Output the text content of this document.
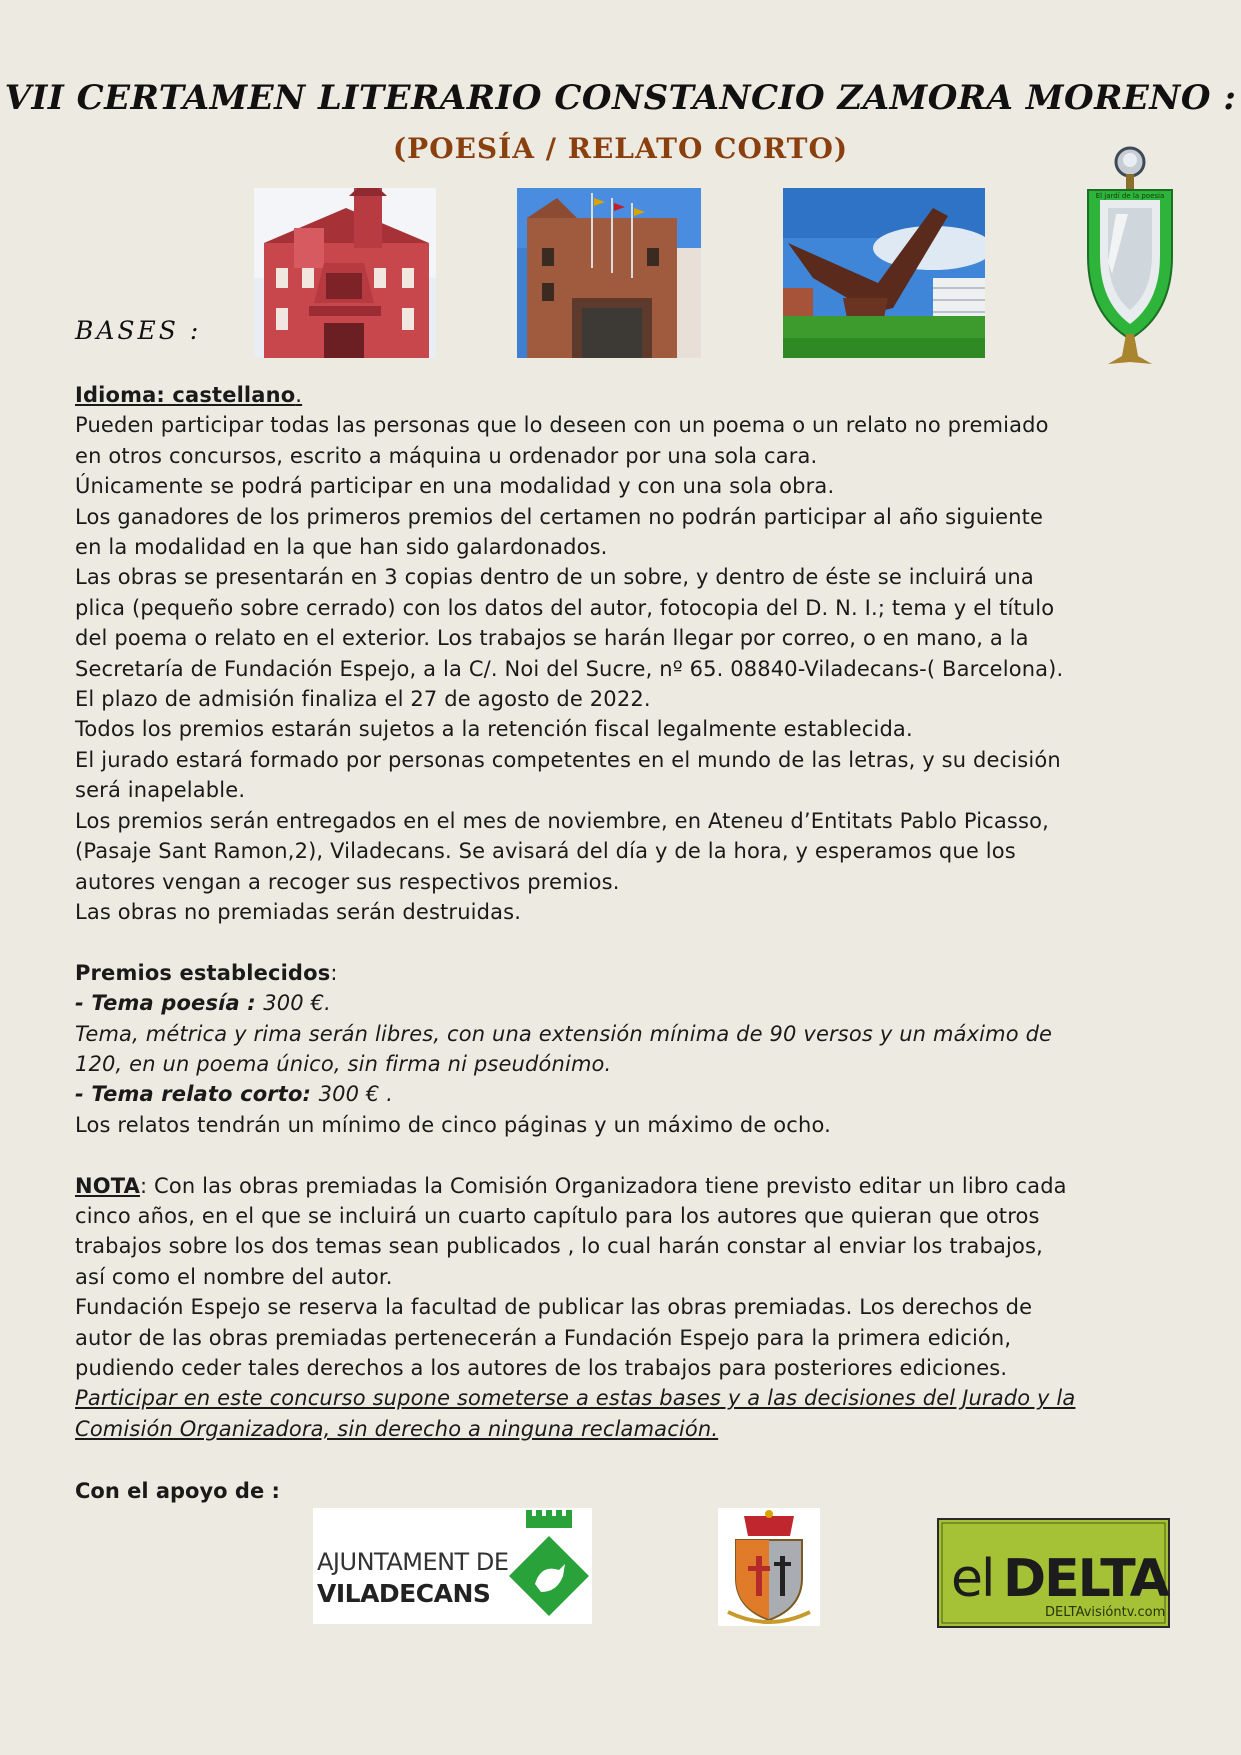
VII CERTAMEN LITERARIO CONSTANCIO ZAMORA MORENO :
(POESÍA / RELATO CORTO)
BASES :
El jardí de la poesia

Idioma: castellano.

Pueden participar todas las personas que lo deseen con un poema o un relato no premiado

en otros concursos, escrito a máquina u ordenador por una sola cara.

Únicamente se podrá participar en una modalidad y con una sola obra.

Los ganadores de los primeros premios del certamen no podrán participar al año siguiente

en la modalidad en la que han sido galardonados.

Las obras se presentarán en 3 copias dentro de un sobre, y dentro de éste se incluirá una

plica (pequeño sobre cerrado) con los datos del autor, fotocopia del D. N. I.; tema y el título

del poema o relato en el exterior. Los trabajos se harán llegar por correo, o en mano, a la

Secretaría de Fundación Espejo, a la C/. Noi del Sucre, nº 65. 08840-Viladecans-( Barcelona).

El plazo de admisión finaliza el 27 de agosto de 2022.

Todos los premios estarán sujetos a la retención fiscal legalmente establecida.

El jurado estará formado por personas competentes en el mundo de las letras, y su decisión

será inapelable.

Los premios serán entregados en el mes de noviembre, en Ateneu d’Entitats Pablo Picasso,

(Pasaje Sant Ramon,2), Viladecans. Se avisará del día y de la hora, y esperamos que los

autores vengan a recoger sus respectivos premios.

Las obras no premiadas serán destruidas.

Premios establecidos:

- Tema poesía : 300 €.

Tema, métrica y rima serán libres, con una extensión mínima de 90 versos y un máximo de

120, en un poema único, sin firma ni pseudónimo.

- Tema relato corto: 300 € .

Los relatos tendrán un mínimo de cinco páginas y un máximo de ocho.

NOTA: Con las obras premiadas la Comisión Organizadora tiene previsto editar un libro cada

cinco años, en el que se incluirá un cuarto capítulo para los autores que quieran que otros

trabajos sobre los dos temas sean publicados , lo cual harán constar al enviar los trabajos,

así como el nombre del autor.

Fundación Espejo se reserva la facultad de publicar las obras premiadas. Los derechos de

autor de las obras premiadas pertenecerán a Fundación Espejo para la primera edición,

pudiendo ceder tales derechos a los autores de los trabajos para posteriores ediciones.

Participar en este concurso supone someterse a estas bases y a las decisiones del Jurado y la

Comisión Organizadora, sin derecho a ninguna reclamación.

Con el apoyo de :
AJUNTAMENT DE
VILADECANS	el DELTA
DELTAvisióntv.com
